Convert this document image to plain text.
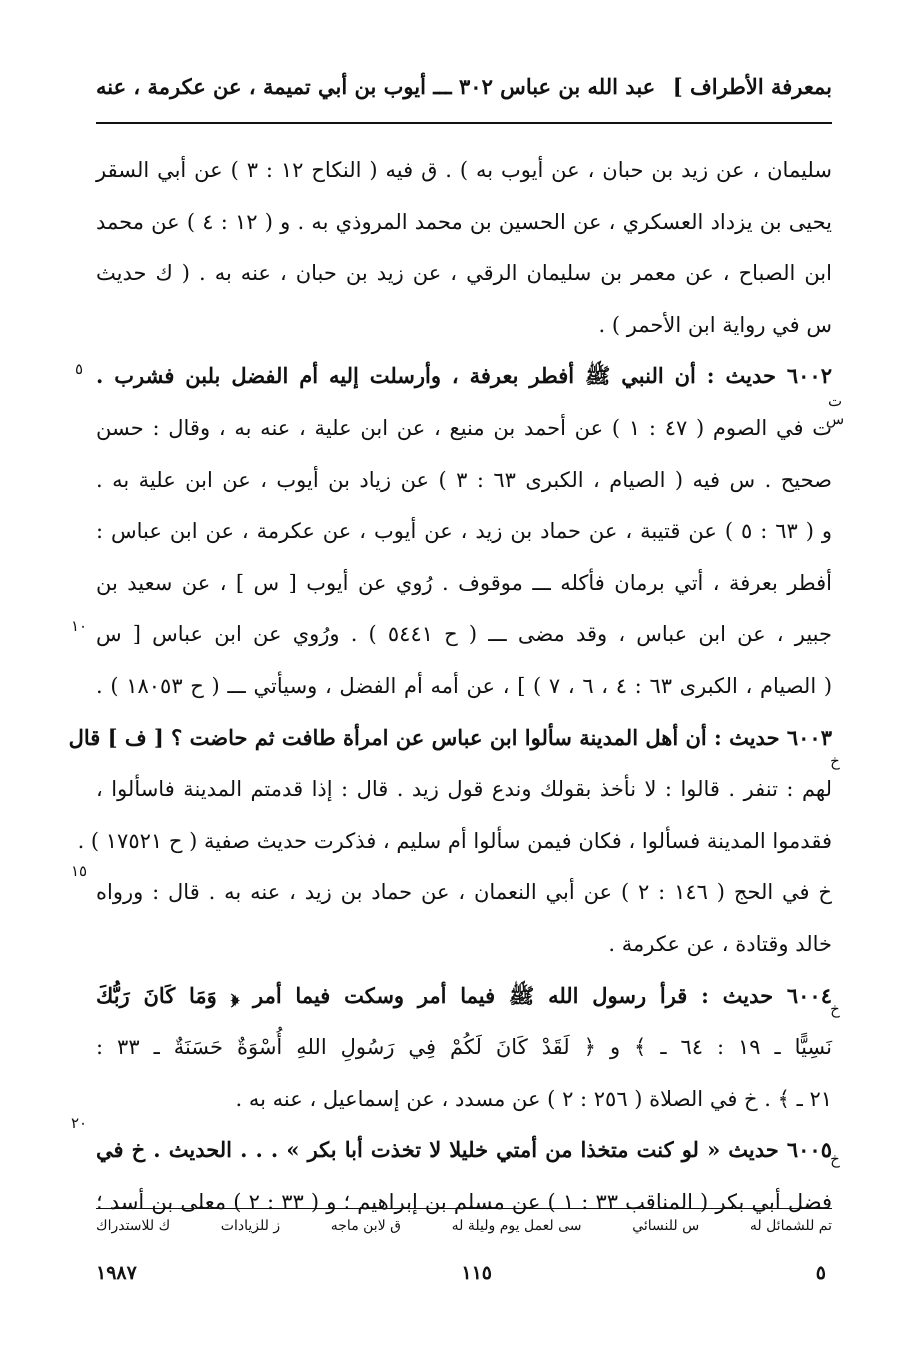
بمعرفة الأطراف ]
عبد الله بن عباس ٣٠٢ ـــ أيوب بن أبي تميمة ، عن عكرمة ، عنه
سليمان ، عن زيد بن حبان ، عن أيوب به ) . ق فيه ( النكاح ١٢ : ٣ ) عن أبي السقر
يحيى بن يزداد العسكري ، عن الحسين بن محمد المروذي به . و ( ١٢ : ٤ ) عن محمد
ابن الصباح ، عن معمر بن سليمان الرقي ، عن زيد بن حبان ، عنه به . ( ك حديث
س في رواية ابن الأحمر ) .
٦٠٠٢ حديث : أن النبي ﷺ أفطر بعرفة ، وأرسلت إليه أم الفضل بلبن فشرب .
ت في الصوم ( ٤٧ : ١ ) عن أحمد بن منيع ، عن ابن علية ، عنه به ، وقال : حسن
صحيح . س فيه ( الصيام ، الكبرى ٦٣ : ٣ ) عن زياد بن أيوب ، عن ابن علية به .
و ( ٦٣ : ٥ ) عن قتيبة ، عن حماد بن زيد ، عن أيوب ، عن عكرمة ، عن ابن عباس :
أفطر بعرفة ، أتي برمان فأكله ـــ موقوف . رُوي عن أيوب [ س ] ، عن سعيد بن
جبير ، عن ابن عباس ، وقد مضى ـــ ( ح ٥٤٤١ ) . ورُوي عن ابن عباس [ س
( الصيام ، الكبرى ٦٣ : ٤ ، ٦ ، ٧ ) ] ، عن أمه أم الفضل ، وسيأتي ـــ ( ح ١٨٠٥٣ ) .
٦٠٠٣ حديث : أن أهل المدينة سألوا ابن عباس عن امرأة طافت ثم حاضت ؟ [ ف ] قال
لهم : تنفر . قالوا : لا نأخذ بقولك وندع قول زيد . قال : إذا قدمتم المدينة فاسألوا ،
فقدموا المدينة فسألوا ، فكان فيمن سألوا أم سليم ، فذكرت حديث صفية ( ح ١٧٥٢١ ) .
خ في الحج ( ١٤٦ : ٢ ) عن أبي النعمان ، عن حماد بن زيد ، عنه به . قال : ورواه
خالد وقتادة ، عن عكرمة .
٦٠٠٤ حديث : قرأ رسول الله ﷺ فيما أمر وسكت فيما أمر ﴿ وَمَا كَانَ رَبُّكَ
نَسِيًّا ـ ١٩ : ٦٤ ـ ﴾ و ﴿ لَقَدْ كَانَ لَكُمْ فِي رَسُولِ اللهِ أُسْوَةٌ حَسَنَةٌ ـ ٣٣ :
٢١ ـ ﴾ . خ في الصلاة ( ٢٥٦ : ٢ ) عن مسدد ، عن إسماعيل ، عنه به .
٦٠٠٥ حديث « لو كنت متخذا من أمتي خليلا لا تخذت أبا بكر » . . . الحديث . خ في
فضل أبي بكر ( المناقب ٣٣ : ١ ) عن مسلم بن إبراهيم ؛ و ( ٣٣ : ٢ ) معلى بن أسد ؛
ت س
خ
خ
خ
٥
١٠
١٥
٢٠
تم للشمائل له
س للنسائي
سى لعمل يوم وليلة له
ق لابن ماجه
ز للزيادات
ك للاستدراك
٥
١١٥
١٩٨٧
